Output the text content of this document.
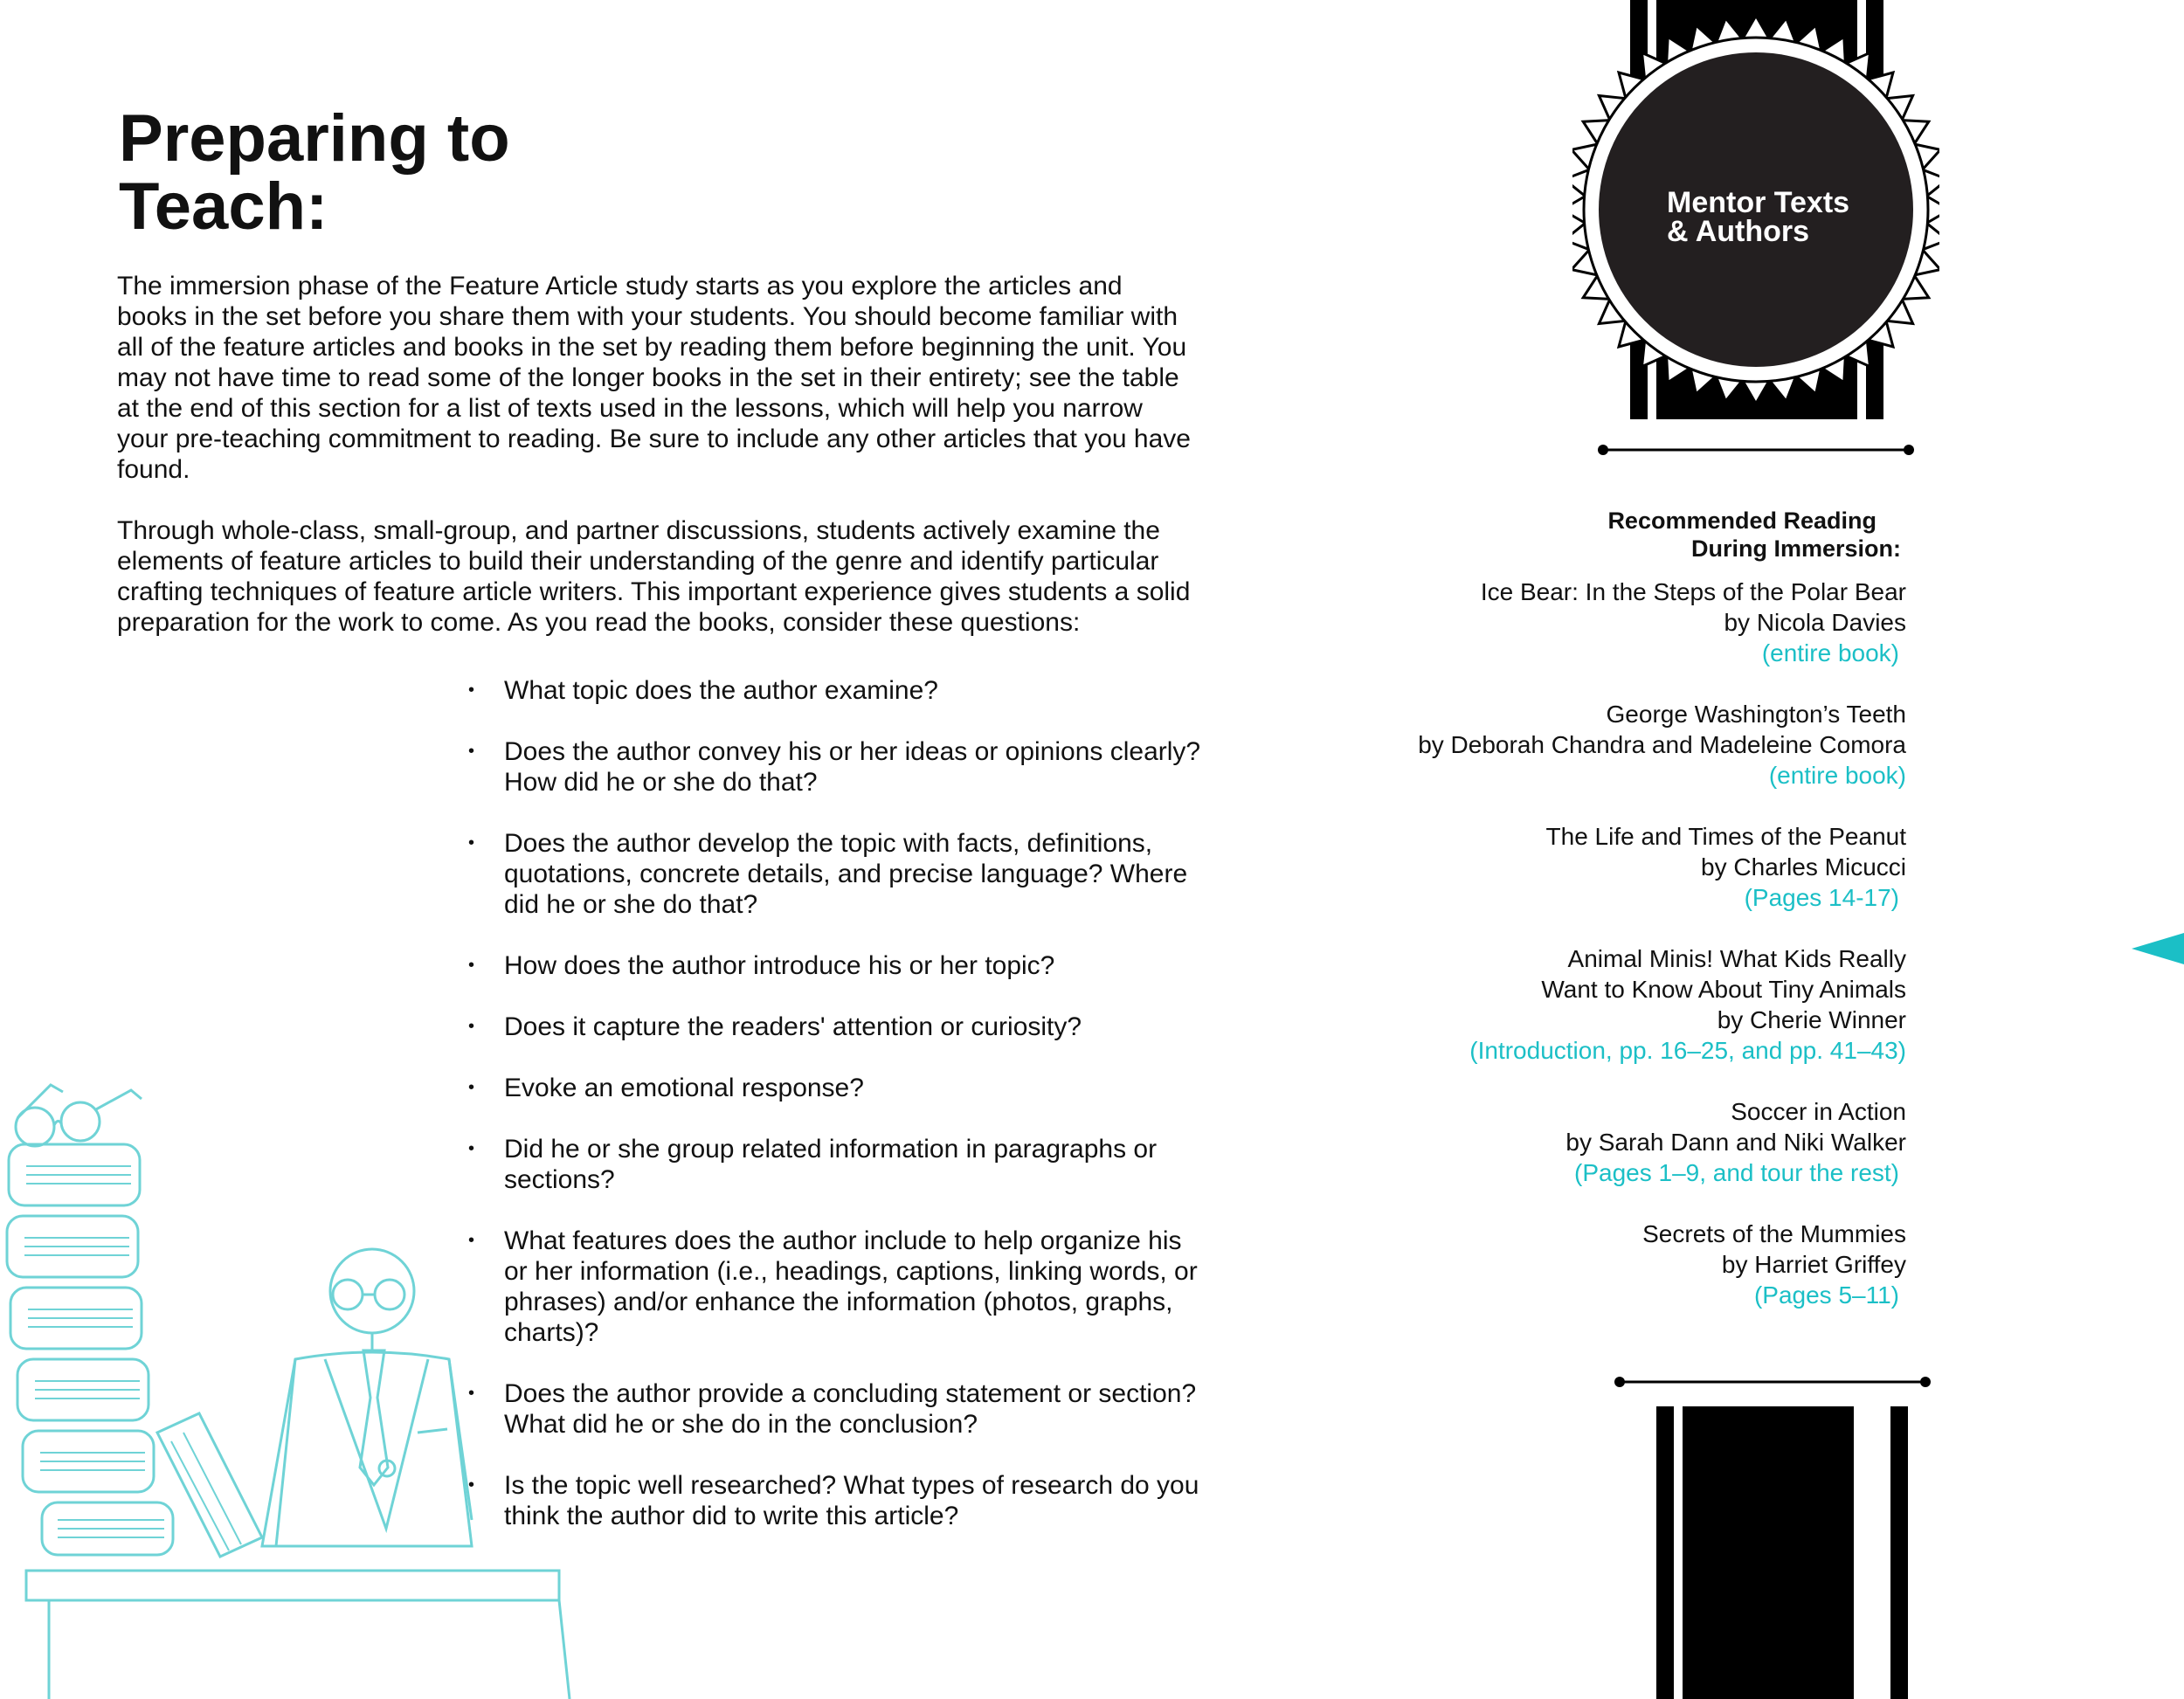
Preparing to
Teach:

The immersion phase of the Feature Article study starts as you explore the articles and books in the set before you share them with your students. You should become familiar with all of the feature articles and books in the set by reading them before beginning the unit. You may not have time to read some of the longer books in the set in their entirety; see the table at the end of this section for a list of texts used in the lessons, which will help you narrow your pre-teaching commitment to reading. Be sure to include any other articles that you have found.

Through whole-class, small-group, and partner discussions, students actively examine the elements of feature articles to build their understanding of the genre and identify particular crafting techniques of feature article writers. This important experience gives students a solid preparation for the work to come. As you read the books, consider these questions:

• What topic does the author examine?
• Does the author convey his or her ideas or opinions clearly? How did he or she do that?
• Does the author develop the topic with facts, definitions, quotations, concrete details, and precise language? Where did he or she do that?
• How does the author introduce his or her topic?
• Does it capture the readers' attention or curiosity?
• Evoke an emotional response?
• Did he or she group related information in paragraphs or sections?
• What features does the author include to help organize his or her information (i.e., headings, captions, linking words, or phrases) and/or enhance the information (photos, graphs, charts)?
• Does the author provide a concluding statement or section? What did he or she do in the conclusion?
• Is the topic well researched? What types of research do you think the author did to write this article?
Mentor Texts
& Authors
Recommended Reading
During Immersion:
Ice Bear: In the Steps of the Polar Bear
by Nicola Davies
(entire book)
George Washington’s Teeth
by Deborah Chandra and Madeleine Comora
(entire book)
The Life and Times of the Peanut
by Charles Micucci
(Pages 14-17)
Animal Minis! What Kids Really
Want to Know About Tiny Animals
by Cherie Winner
(Introduction, pp. 16–25, and pp. 41–43)
Soccer in Action
by Sarah Dann and Niki Walker
(Pages 1–9, and tour the rest)
Secrets of the Mummies
by Harriet Griffey
(Pages 5–11)
